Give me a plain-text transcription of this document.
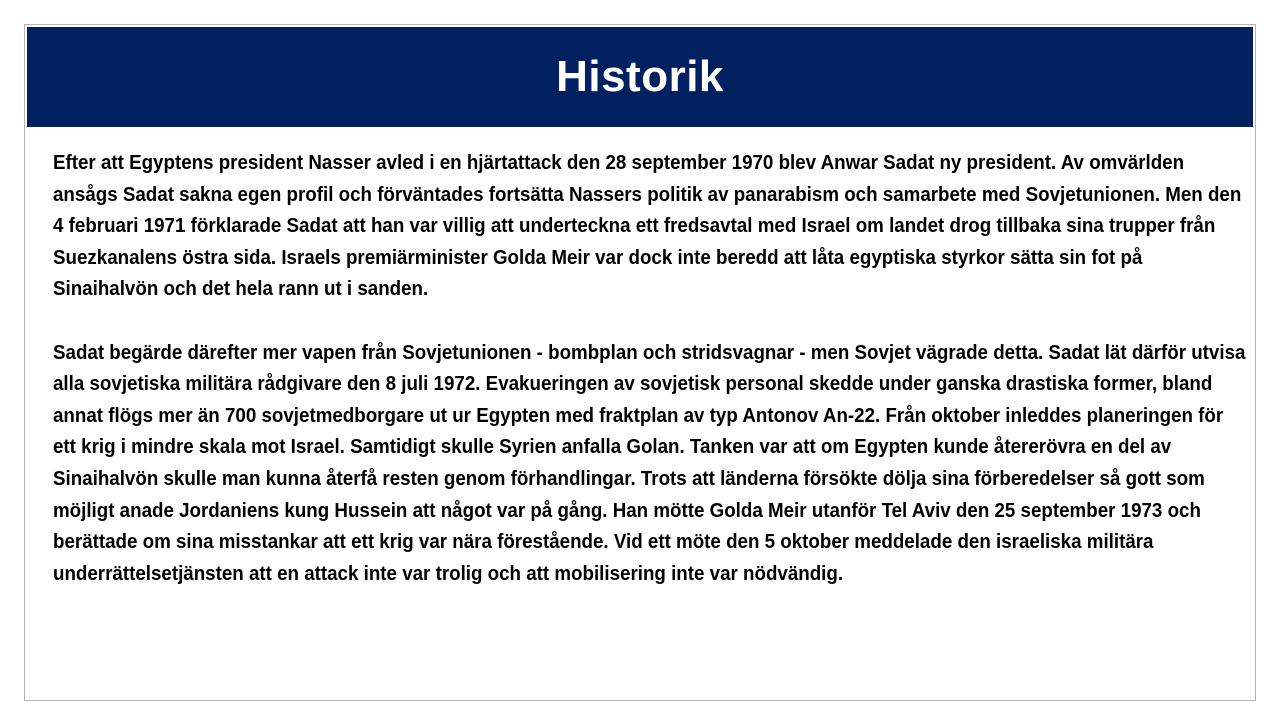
Historik

Efter att Egyptens president Nasser avled i en hjärtattack den 28 september 1970 blev Anwar Sadat ny president. Av omvärlden ansågs Sadat sakna egen profil och förväntades fortsätta Nassers politik av panarabism och samarbete med Sovjetunionen. Men den 4 februari 1971 förklarade Sadat att han var villig att underteckna ett fredsavtal med Israel om landet drog tillbaka sina trupper från Suezkanalens östra sida. Israels premiärminister Golda Meir var dock inte beredd att låta egyptiska styrkor sätta sin fot på Sinaihalvön och det hela rann ut i sanden.

Sadat begärde därefter mer vapen från Sovjetunionen - bombplan och stridsvagnar - men Sovjet vägrade detta. Sadat lät därför utvisa alla sovjetiska militära rådgivare den 8 juli 1972. Evakueringen av sovjetisk personal skedde under ganska drastiska former, bland annat flögs mer än 700 sovjetmedborgare ut ur Egypten med fraktplan av typ Antonov An-22. Från oktober inleddes planeringen för ett krig i mindre skala mot Israel. Samtidigt skulle Syrien anfalla Golan. Tanken var att om Egypten kunde återerövra en del av Sinaihalvön skulle man kunna återfå resten genom förhandlingar. Trots att länderna försökte dölja sina förberedelser så gott som möjligt anade Jordaniens kung Hussein att något var på gång. Han mötte Golda Meir utanför Tel Aviv den 25 september 1973 och berättade om sina misstankar att ett krig var nära förestående. Vid ett möte den 5 oktober meddelade den israeliska militära underrättelsetjänsten att en attack inte var trolig och att mobilisering inte var nödvändig.
